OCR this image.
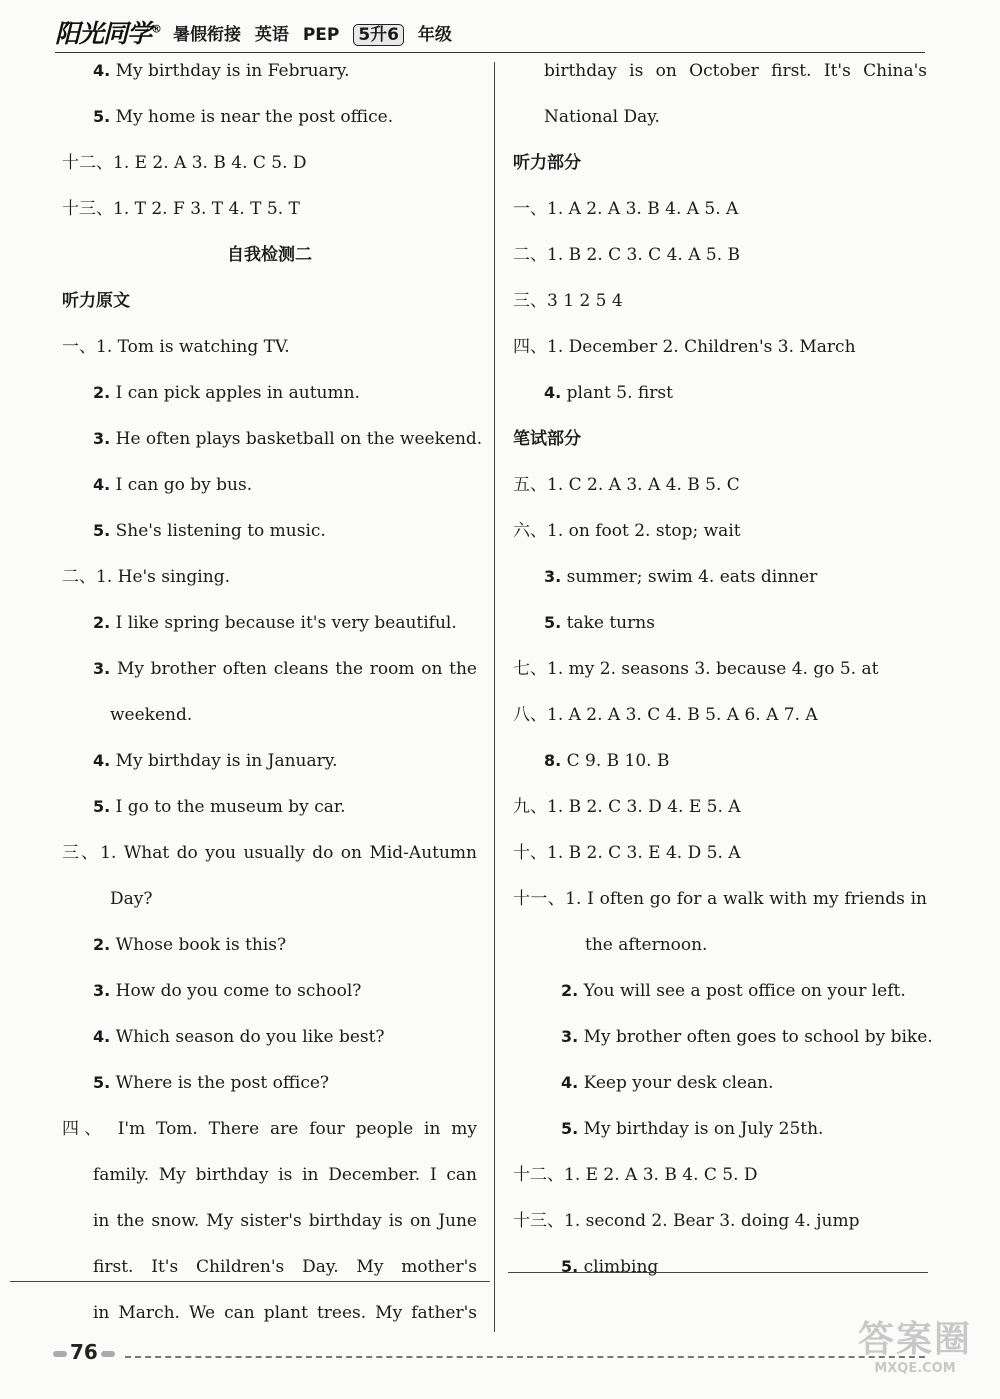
阳光同学® 暑假衔接 英语 PEP 5升6 年级
4. My birthday is in February.
5. My home is near the post office.
十二、1. E 2. A 3. B 4. C 5. D
十三、1. T 2. F 3. T 4. T 5. T
自我检测二
听力原文
一、1. Tom is watching TV.
2. I can pick apples in autumn.
3. He often plays basketball on the weekend.
4. I can go by bus.
5. She's listening to music.
二、1. He's singing.
2. I like spring because it's very beautiful.
3. My brother often cleans the room on the
weekend.
4. My birthday is in January.
5. I go to the museum by car.
三、1. What do you usually do on Mid-Autumn
Day?
2. Whose book is this?
3. How do you come to school?
4. Which season do you like best?
5. Where is the post office?
四、 I'm Tom. There are four people in my
family. My birthday is in December. I can
in the snow. My sister's birthday is on June
first. It's Children's Day. My mother's
in March. We can plant trees. My father's
birthday is on October first. It's China's
National Day.
听力部分
一、1. A 2. A 3. B 4. A 5. A
二、1. B 2. C 3. C 4. A 5. B
三、3 1 2 5 4
四、1. December 2. Children's 3. March
4. plant 5. first
笔试部分
五、1. C 2. A 3. A 4. B 5. C
六、1. on foot 2. stop; wait
3. summer; swim 4. eats dinner
5. take turns
七、1. my 2. seasons 3. because 4. go 5. at
八、1. A 2. A 3. C 4. B 5. A 6. A 7. A
8. C 9. B 10. B
九、1. B 2. C 3. D 4. E 5. A
十、1. B 2. C 3. E 4. D 5. A
十一、1. I often go for a walk with my friends in
the afternoon.
2. You will see a post office on your left.
3. My brother often goes to school by bike.
4. Keep your desk clean.
5. My birthday is on July 25th.
十二、1. E 2. A 3. B 4. C 5. D
十三、1. second 2. Bear 3. doing 4. jump
5. climbing
76	答案圈
MXQE.COM
